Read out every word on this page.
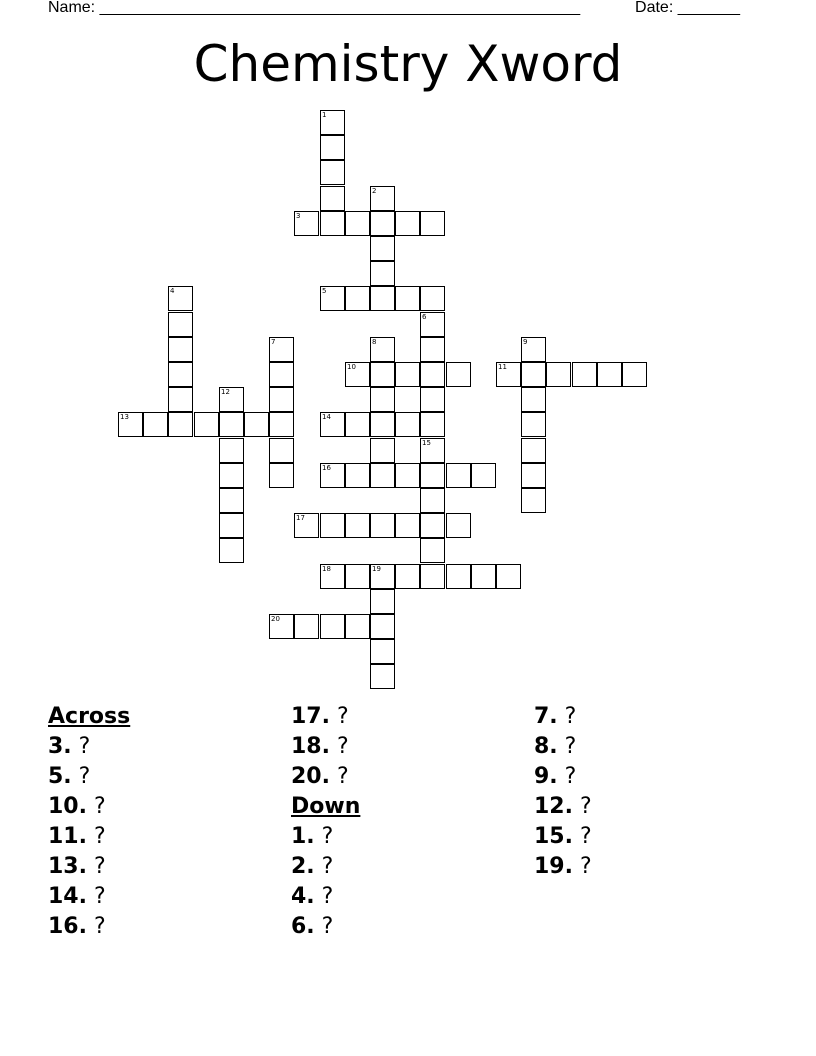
Name: ______________________________________________________	Date: _______
Chemistry Xword
1
2
3
4	5
6
7	8	9
10	11
12
13	14
15
16
17
18	19
20
Across
3. ?
5. ?
10. ?
11. ?
13. ?
14. ?
16. ?
17. ?
18. ?
20. ?
Down
1. ?
2. ?
4. ?
6. ?
7. ?
8. ?
9. ?
12. ?
15. ?
19. ?
